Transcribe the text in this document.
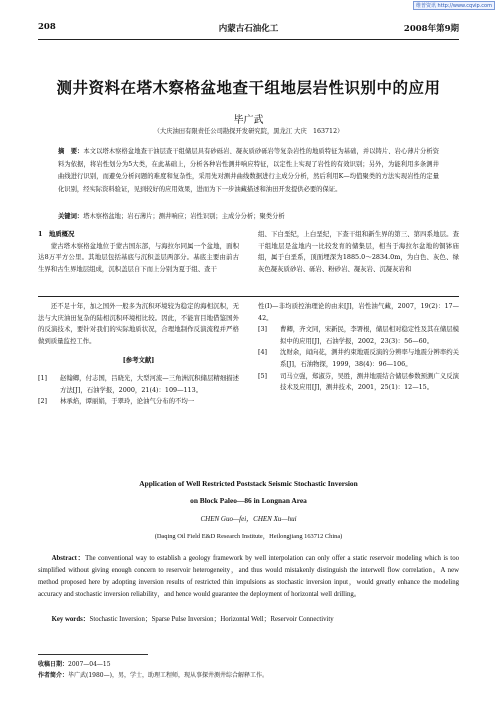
维普资讯 http://www.cqvip.com
208	内蒙古石油化工	2008年第9期
测井资料在塔木察格盆地查干组地层岩性识别中的应用
毕广武
（大庆油田有限责任公司勘探开发研究院，黑龙江 大庆　163712）
摘　要：本文以塔木察格盆地查干油层查干组储层具有砂砾岩、凝灰质砂砾岩等复杂岩性的地质特征为基础，并以铸片、岩心薄片分析资料为依据，将岩性划分为5大类，在此基础上，分析各种岩性测井响应特征，以定性上实现了岩性的有效识别；另外，为能利用多条测井曲线进行识别，而避免分析问题的难度和复杂性，采用先对测井曲线数据进行主成分分析，然后利用K—均值聚类的方法实现岩性的定量化识别，经实际资料验证，见到较好的应用效果，进而为下一步油藏描述和油田开发提供必要的保证。
关键词：塔木察格盆地；岩石薄片；测井响应；岩性识别；主成分分析；聚类分析

1　地质概况

蒙古塔木察格盆地位于蒙古国东部，与海拉尔同属一个盆地，面积达8万平方公里。其地层包括基底与沉积盖层两部分。基底主要由前古生界和古生界地层组成，沉积盖层自下而上分别为夏于组、查干

组、下白垩纪，上白垩纪，下查干组和新生界的第三、第四系地层。查干组地层是盆地内一比较发育的储集层，相当于海拉尔盆地的铜钵庙组，属于白垩系，顶面埋深为1885.0～2834.0m，为白色、灰色、绿灰色凝灰质砂岩、砾岩、粉砂岩、凝灰岩、沉凝灰岩和

还不足十年，加之国外一般多为沉积环境较为稳定的海相沉积，无法与大庆油田复杂的陆相沉积环境相比较。因此，不能盲目地借鉴国外的反演技术，要针对我们的实际地质状况，合理地制作反演流程并严格做到质量监控工作。

[参考文献]
[1] 赵翰卿，付志国，吕晓光，大型河流—三角洲沉积储层精细描述方法[J]，石油学报，2000，21(4)：109—113。
[2] 林承焰，谭丽娟，于翠玲，论油气分布的不均一
性(I)—非均质控油理论的由来[J]，岩性油气藏，2007，19(2)：17—42。
[3] 曹卿，齐文同，宋新民，李署根，储层相对稳定性及其在储层模拟中的应用[J]，石油学报，2002，23(3)：56—60。
[4] 沈财余，闻向花，测井约束地震反演的分辨率与地震分辨率约关系[J]，石油物探，1999，38(4)：96—106。
[5] 司马立强，郑淑芬，吴胜，测井地震结合储层参数预测广义反演技术及应用[J]，测井技术，2001，25(1)：12—15。
Application of Well Restricted Poststack Seismic Stochastic Inversion
on Block Paleo—86 in Longnan Area
CHEN Guo—fei，CHEN Xu—hui
(Daqing Oil Field E&D Research Institute，Heilongjiang 163712 China)
Abstract：The conventional way to establish a geology framework by well interpolation can only offer a static reservoir modeling which is too simplified without giving enough concern to reservoir heterogeneity，and thus would mistakenly distinguish the interwell flow correlation。A new method proposed here by adopting inversion results of restricted thin impulsions as stochastic inversion input，would greatly enhance the modeling accuracy and stochastic inversion reliability，and hence would guarantee the deployment of horizontal well drilling。
Key words：Stochastic Inversion；Sparse Pulse Inversion；Horizontal Well；Reservoir Connectivity
收稿日期：2007—04—15
作者简介：毕广武(1980—)，男，学士，助理工程师，现从事探井测井综合解释工作。
